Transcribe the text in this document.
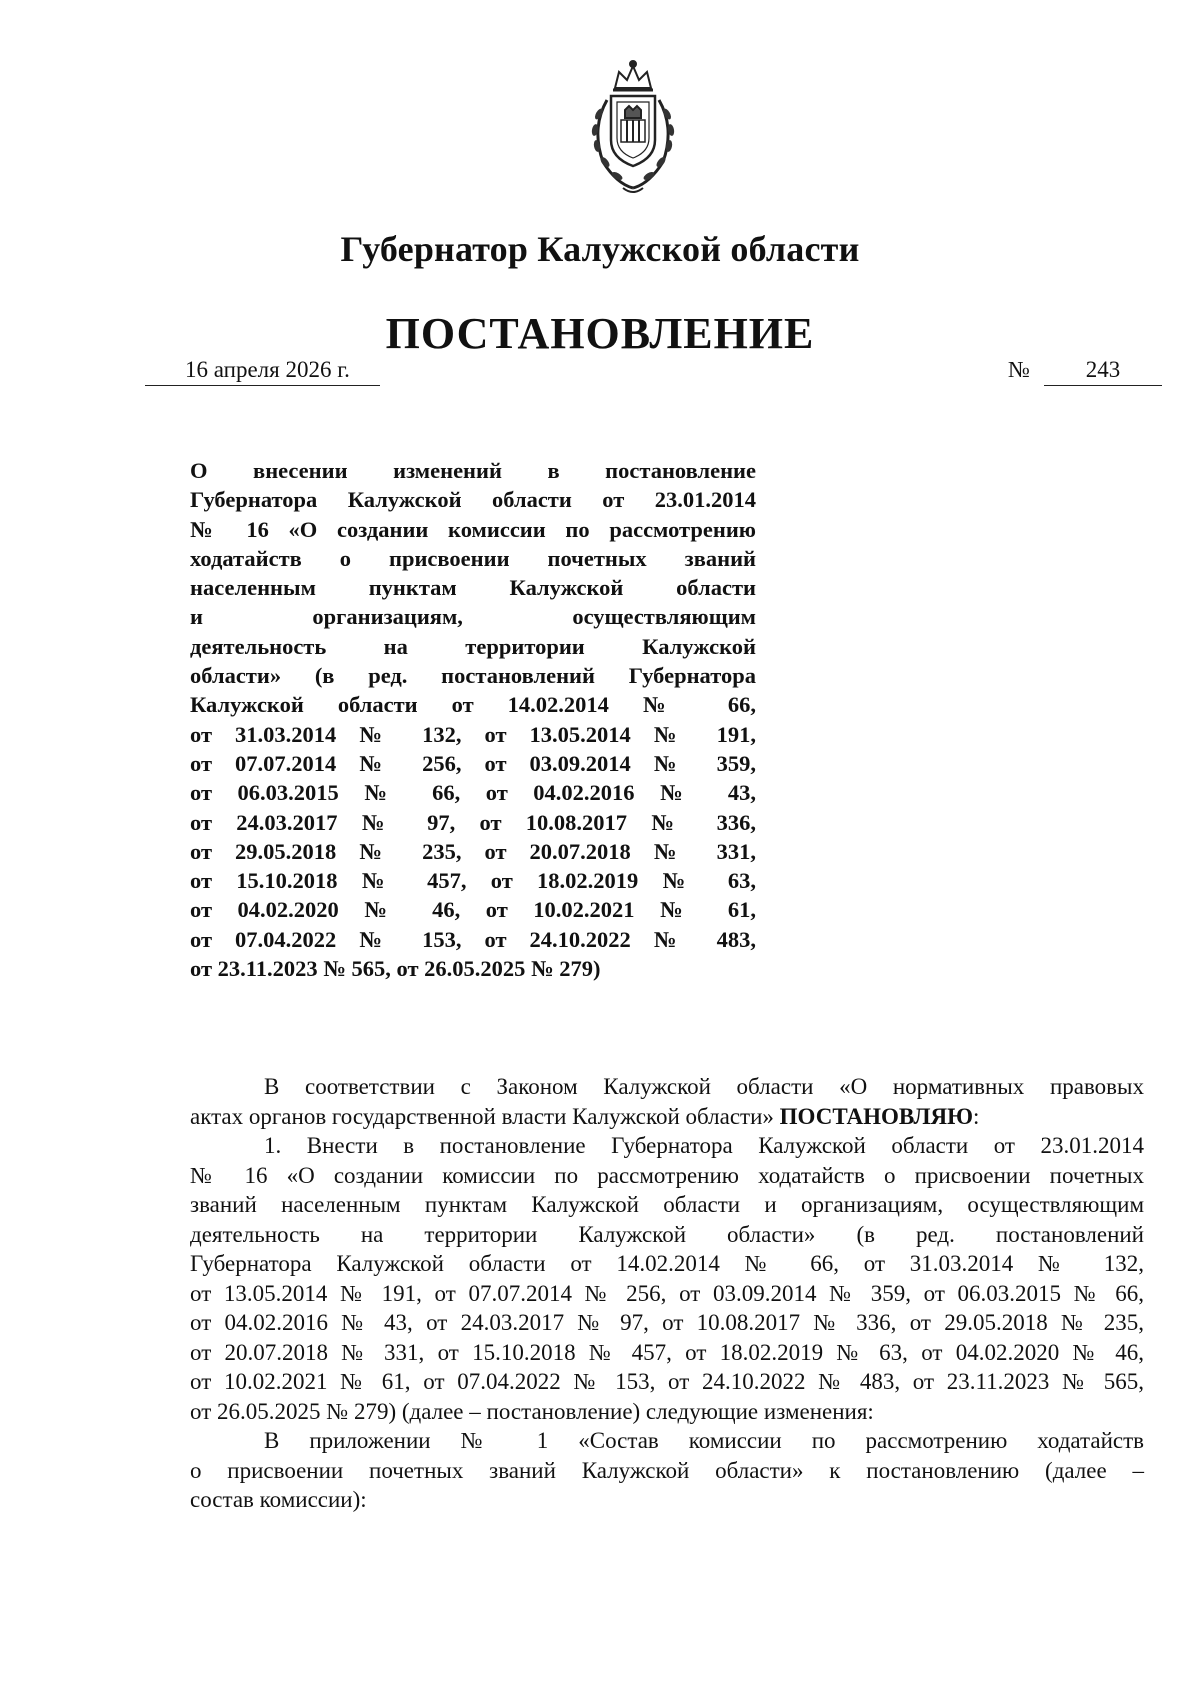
Губернатор Калужской области
ПОСТАНОВЛЕНИЕ
16 апреля 2026 г.	№ 243
О внесении изменений в постановление
Губернатора Калужской области от 23.01.2014
№ 16 «О создании комиссии по рассмотрению
ходатайств о присвоении почетных званий
населенным пунктам Калужской области
и организациям, осуществляющим
деятельность на территории Калужской
области» (в ред. постановлений Губернатора
Калужской области от 14.02.2014 № 66,
от 31.03.2014 № 132, от 13.05.2014 № 191,
от 07.07.2014 № 256, от 03.09.2014 № 359,
от 06.03.2015 № 66, от 04.02.2016 № 43,
от 24.03.2017 № 97, от 10.08.2017 № 336,
от 29.05.2018 № 235, от 20.07.2018 № 331,
от 15.10.2018 № 457, от 18.02.2019 № 63,
от 04.02.2020 № 46, от 10.02.2021 № 61,
от 07.04.2022 № 153, от 24.10.2022 № 483,
от 23.11.2023 № 565, от 26.05.2025 № 279)
В соответствии с Законом Калужской области «О нормативных правовых
актах органов государственной власти Калужской области» ПОСТАНОВЛЯЮ:
1. Внести в постановление Губернатора Калужской области от 23.01.2014
№ 16 «О создании комиссии по рассмотрению ходатайств о присвоении почетных
званий населенным пунктам Калужской области и организациям, осуществляющим
деятельность на территории Калужской области» (в ред. постановлений
Губернатора Калужской области от 14.02.2014 № 66, от 31.03.2014 № 132,
от 13.05.2014 № 191, от 07.07.2014 № 256, от 03.09.2014 № 359, от 06.03.2015 № 66,
от 04.02.2016 № 43, от 24.03.2017 № 97, от 10.08.2017 № 336, от 29.05.2018 № 235,
от 20.07.2018 № 331, от 15.10.2018 № 457, от 18.02.2019 № 63, от 04.02.2020 № 46,
от 10.02.2021 № 61, от 07.04.2022 № 153, от 24.10.2022 № 483, от 23.11.2023 № 565,
от 26.05.2025 № 279) (далее – постановление) следующие изменения:
В приложении № 1 «Состав комиссии по рассмотрению ходатайств
о присвоении почетных званий Калужской области» к постановлению (далее –
состав комиссии):
